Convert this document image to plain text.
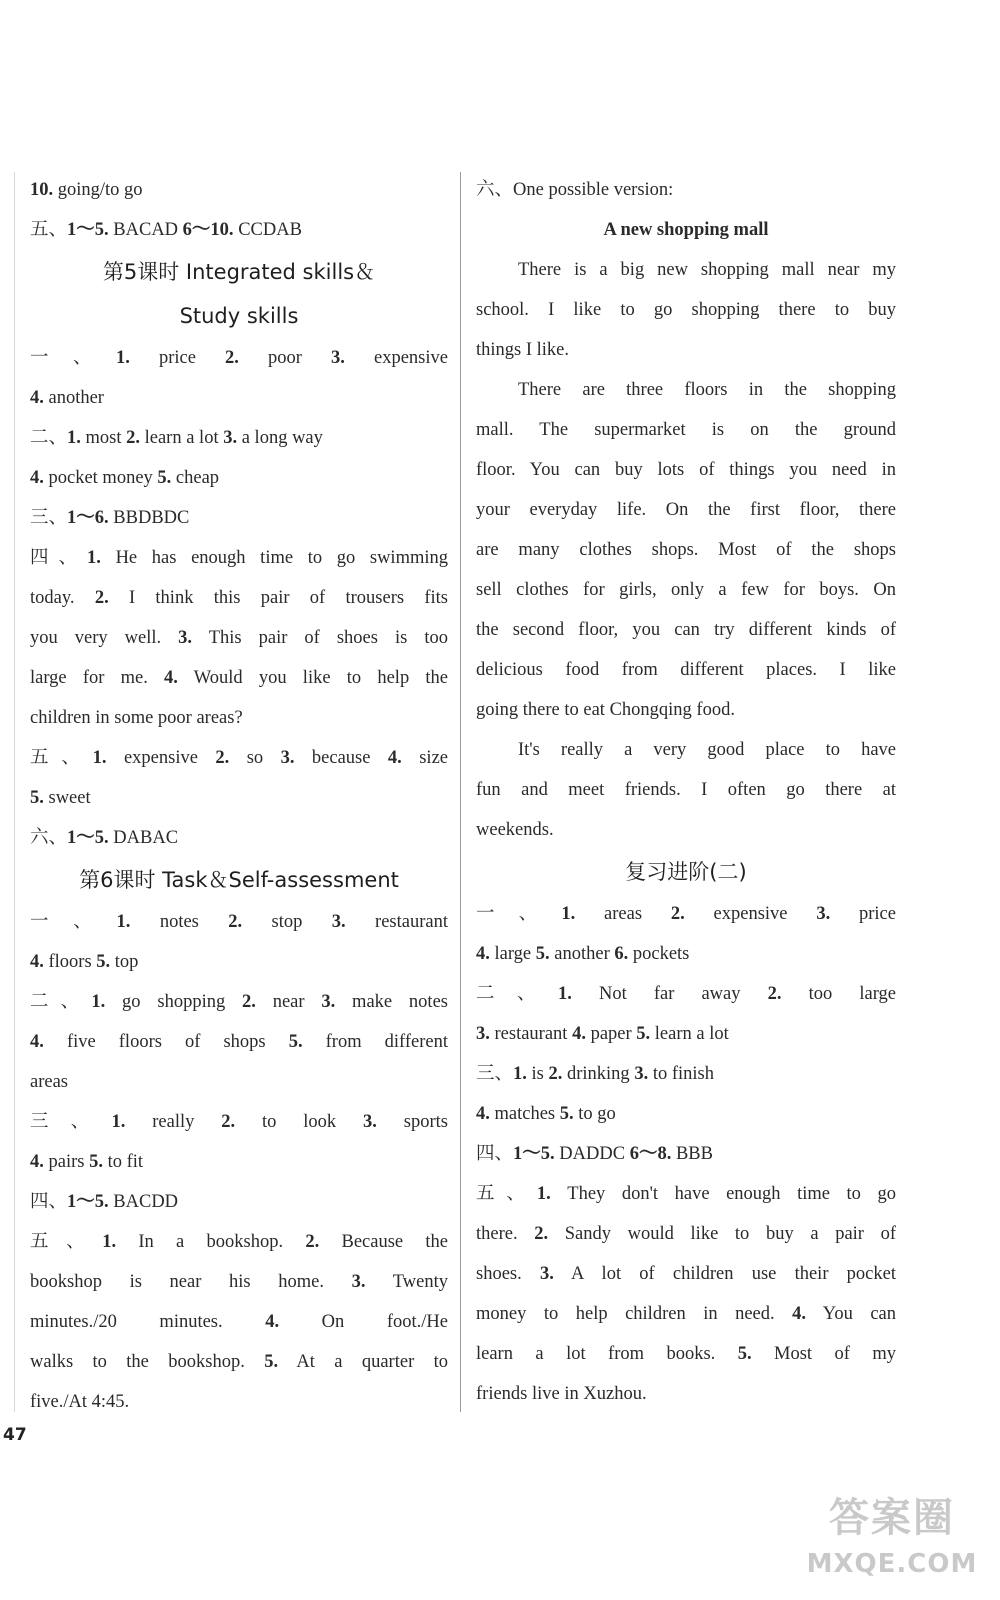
10. going/to go
五、1～5. BACAD 6～10. CCDAB
第5课时 Integrated skills＆
Study skills
一、1. price 2. poor 3. expensive
4. another
二、1. most 2. learn a lot 3. a long way
4. pocket money 5. cheap
三、1～6. BBDBDC
四、1. He has enough time to go swimming
today. 2. I think this pair of trousers fits
you very well. 3. This pair of shoes is too
large for me. 4. Would you like to help the
children in some poor areas?
五、1. expensive 2. so 3. because 4. size
5. sweet
六、1～5. DABAC
第6课时 Task＆Self-assessment
一、1. notes 2. stop 3. restaurant
4. floors 5. top
二、1. go shopping 2. near 3. make notes
4. five floors of shops 5. from different
areas
三、1. really 2. to look 3. sports
4. pairs 5. to fit
四、1～5. BACDD
五、1. In a bookshop. 2. Because the
bookshop is near his home. 3. Twenty
minutes./20 minutes. 4. On foot./He
walks to the bookshop. 5. At a quarter to
five./At 4:45.
六、One possible version:
A new shopping mall
There is a big new shopping mall near my
school. I like to go shopping there to buy
things I like.
There are three floors in the shopping
mall. The supermarket is on the ground
floor. You can buy lots of things you need in
your everyday life. On the first floor, there
are many clothes shops. Most of the shops
sell clothes for girls, only a few for boys. On
the second floor, you can try different kinds of
delicious food from different places. I like
going there to eat Chongqing food.
It's really a very good place to have
fun and meet friends. I often go there at
weekends.
复习进阶(二)
一、1. areas 2. expensive 3. price
4. large 5. another 6. pockets
二、1. Not far away 2. too large
3. restaurant 4. paper 5. learn a lot
三、1. is 2. drinking 3. to finish
4. matches 5. to go
四、1～5. DADDC 6～8. BBB
五、1. They don't have enough time to go
there. 2. Sandy would like to buy a pair of
shoes. 3. A lot of children use their pocket
money to help children in need. 4. You can
learn a lot from books. 5. Most of my
friends live in Xuzhou.
47
答案圈
MXQE.COM
